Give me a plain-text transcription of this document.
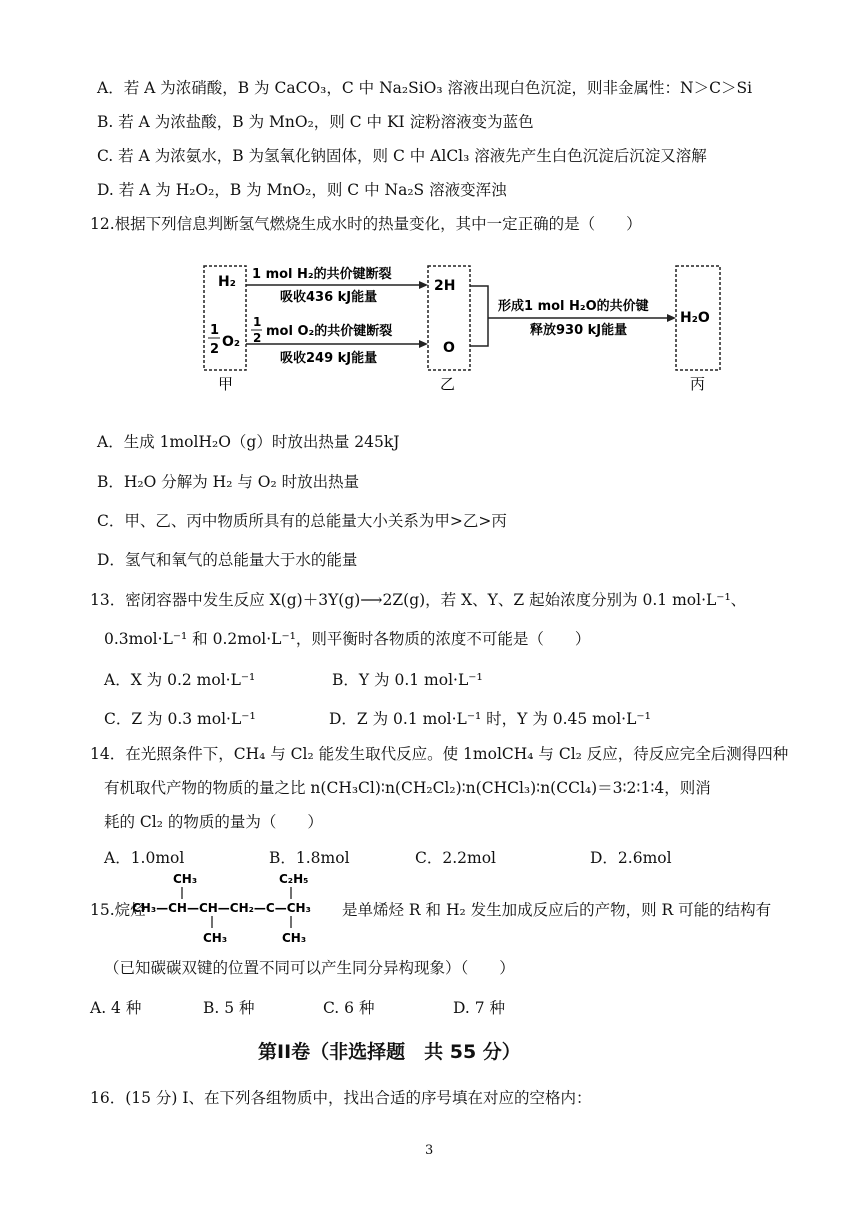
A．若 A 为浓硝酸，B 为 CaCO₃，C 中 Na₂SiO₃ 溶液出现白色沉淀，则非金属性：N＞C＞Si
B. 若 A 为浓盐酸，B 为 MnO₂，则 C 中 KI 淀粉溶液变为蓝色
C. 若 A 为浓氨水，B 为氢氧化钠固体，则 C 中 AlCl₃ 溶液先产生白色沉淀后沉淀又溶解
D. 若 A 为 H₂O₂，B 为 MnO₂，则 C 中 Na₂S 溶液变浑浊
12.根据下列信息判断氢气燃烧生成水时的热量变化，其中一定正确的是（　　）
H₂
1
2 O₂
甲
1 mol H₂的共价键断裂
吸收436 kJ能量
1
2 mol O₂的共价键断裂
吸收249 kJ能量
2H
O
乙
形成1 mol H₂O的共价键
释放930 kJ能量
H₂O
丙
A．生成 1molH₂O（g）时放出热量 245kJ
B．H₂O 分解为 H₂ 与 O₂ 时放出热量
C．甲、乙、丙中物质所具有的总能量大小关系为甲>乙>丙
D．氢气和氧气的总能量大于水的能量
13．密闭容器中发生反应 X(g)＋3Y(g)⟶2Z(g)，若 X、Y、Z 起始浓度分别为 0.1 mol·L⁻¹、
0.3mol·L⁻¹ 和 0.2mol·L⁻¹，则平衡时各物质的浓度不可能是（　　）
A．X 为 0.2 mol·L⁻¹	B．Y 为 0.1 mol·L⁻¹
C．Z 为 0.3 mol·L⁻¹	D．Z 为 0.1 mol·L⁻¹ 时，Y 为 0.45 mol·L⁻¹
14．在光照条件下，CH₄ 与 Cl₂ 能发生取代反应。使 1molCH₄ 与 Cl₂ 反应，待反应完全后测得四种
有机取代产物的物质的量之比 n(CH₃Cl)∶n(CH₂Cl₂)∶n(CHCl₃)∶n(CCl₄)＝3∶2∶1∶4，则消
耗的 Cl₂ 的物质的量为（　　）
A．1.0mol	B．1.8mol	C．2.2mol	D．2.6mol
15.烷烃
CH₃	C₂H₅
CH₃—CH—CH—CH₂—C—CH₃
CH₃	CH₃
是单烯烃 R 和 H₂ 发生加成反应后的产物，则 R 可能的结构有
（已知碳碳双键的位置不同可以产生同分异构现象）（　　）
A. 4 种	B. 5 种	C. 6 种	D. 7 种
第II卷（非选择题　共 55 分）
16．(15 分) Ⅰ、在下列各组物质中，找出合适的序号填在对应的空格内：
3
